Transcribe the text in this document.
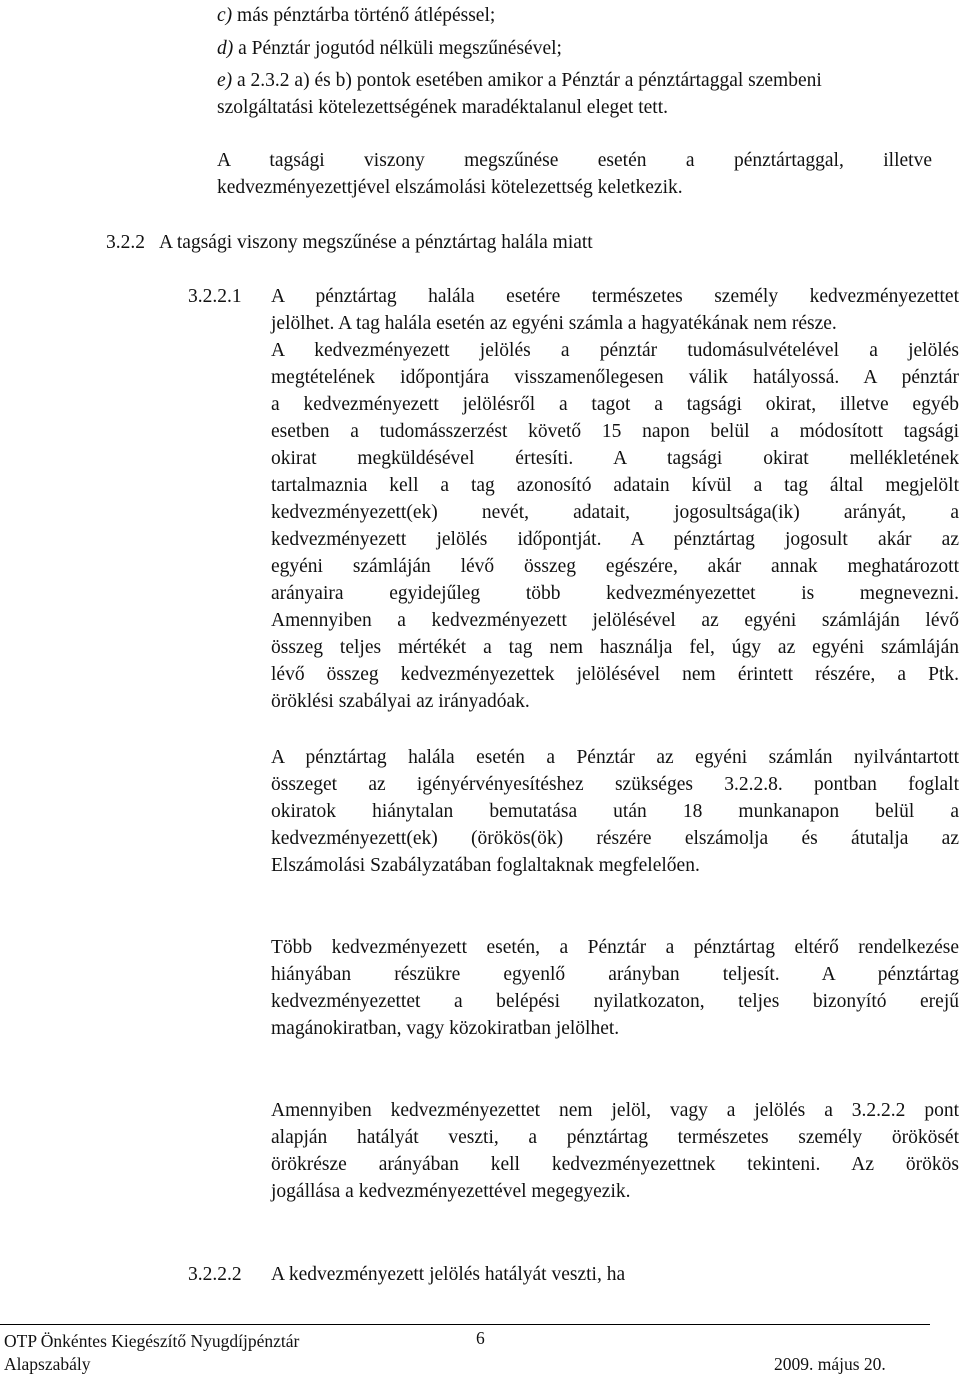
c) más pénztárba történő átlépéssel;
d) a Pénztár jogutód nélküli megszűnésével;
e) a 2.3.2 a) és b) pontok esetében amikor a Pénztár a pénztártaggal szembeni
szolgáltatási kötelezettségének maradéktalanul eleget tett.
A tagsági viszony megszűnése esetén a pénztártaggal, illetve
kedvezményezettjével elszámolási kötelezettség keletkezik.
3.2.2 A tagsági viszony megszűnése a pénztártag halála miatt
3.2.2.1 A pénztártag halála esetére természetes személy kedvezményezettet
jelölhet. A tag halála esetén az egyéni számla a hagyatékának nem része.
A kedvezményezett jelölés a pénztár tudomásulvételével a jelölés
megtételének időpontjára visszamenőlegesen válik hatályossá. A pénztár
a kedvezményezett jelölésről a tagot a tagsági okirat, illetve egyéb
esetben a tudomásszerzést követő 15 napon belül a módosított tagsági
okirat megküldésével értesíti. A tagsági okirat mellékletének
tartalmaznia kell a tag azonosító adatain kívül a tag által megjelölt
kedvezményezett(ek) nevét, adatait, jogosultsága(ik) arányát, a
kedvezményezett jelölés időpontját. A pénztártag jogosult akár az
egyéni számláján lévő összeg egészére, akár annak meghatározott
arányaira egyidejűleg több kedvezményezettet is megnevezni.
Amennyiben a kedvezményezett jelölésével az egyéni számláján lévő
összeg teljes mértékét a tag nem használja fel, úgy az egyéni számláján
lévő összeg kedvezményezettek jelölésével nem érintett részére, a Ptk.
öröklési szabályai az irányadóak.
A pénztártag halála esetén a Pénztár az egyéni számlán nyilvántartott
összeget az igényérvényesítéshez szükséges 3.2.2.8. pontban foglalt
okiratok hiánytalan bemutatása után 18 munkanapon belül a
kedvezményezett(ek) (örökös(ök) részére elszámolja és átutalja az
Elszámolási Szabályzatában foglaltaknak megfelelően.
Több kedvezményezett esetén, a Pénztár a pénztártag eltérő rendelkezése
hiányában részükre egyenlő arányban teljesít. A pénztártag
kedvezményezettet a belépési nyilatkozaton, teljes bizonyító erejű
magánokiratban, vagy közokiratban jelölhet.
Amennyiben kedvezményezettet nem jelöl, vagy a jelölés a 3.2.2.2 pont
alapján hatályát veszti, a pénztártag természetes személy örökösét
örökrésze arányában kell kedvezményezettnek tekinteni. Az örökös
jogállása a kedvezményezettével megegyezik.
3.2.2.2 A kedvezményezett jelölés hatályát veszti, ha
OTP Önkéntes Kiegészítő Nyugdíjpénztár	6
Alapszabály	2009. május 20.
